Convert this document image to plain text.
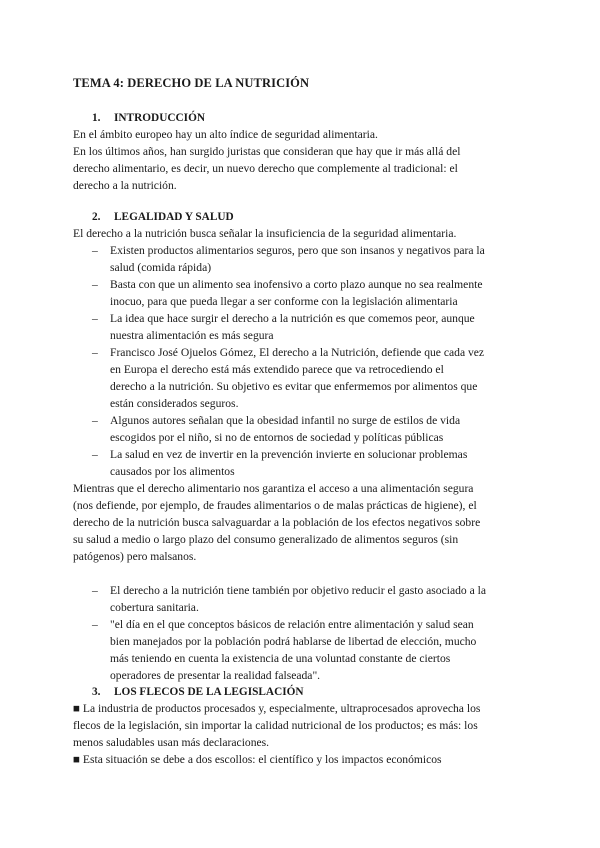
TEMA 4: DERECHO DE LA NUTRICIÓN
1. INTRODUCCIÓN
En el ámbito europeo hay un alto índice de seguridad alimentaria.
En los últimos años, han surgido juristas que consideran que hay que ir más allá del
derecho alimentario, es decir, un nuevo derecho que complemente al tradicional: el
derecho a la nutrición.
2. LEGALIDAD Y SALUD
El derecho a la nutrición busca señalar la insuficiencia de la seguridad alimentaria.
– Existen productos alimentarios seguros, pero que son insanos y negativos para la
salud (comida rápida)
– Basta con que un alimento sea inofensivo a corto plazo aunque no sea realmente
inocuo, para que pueda llegar a ser conforme con la legislación alimentaria
– La idea que hace surgir el derecho a la nutrición es que comemos peor, aunque
nuestra alimentación es más segura
– Francisco José Ojuelos Gómez, El derecho a la Nutrición, defiende que cada vez
en Europa el derecho está más extendido parece que va retrocediendo el
derecho a la nutrición. Su objetivo es evitar que enfermemos por alimentos que
están considerados seguros.
– Algunos autores señalan que la obesidad infantil no surge de estilos de vida
escogidos por el niño, si no de entornos de sociedad y políticas públicas
– La salud en vez de invertir en la prevención invierte en solucionar problemas
causados por los alimentos
Mientras que el derecho alimentario nos garantiza el acceso a una alimentación segura
(nos defiende, por ejemplo, de fraudes alimentarios o de malas prácticas de higiene), el
derecho de la nutrición busca salvaguardar a la población de los efectos negativos sobre
su salud a medio o largo plazo del consumo generalizado de alimentos seguros (sin
patógenos) pero malsanos.
– El derecho a la nutrición tiene también por objetivo reducir el gasto asociado a la
cobertura sanitaria.
– "el día en el que conceptos básicos de relación entre alimentación y salud sean
bien manejados por la población podrá hablarse de libertad de elección, mucho
más teniendo en cuenta la existencia de una voluntad constante de ciertos
operadores de presentar la realidad falseada".
3. LOS FLECOS DE LA LEGISLACIÓN
■ La industria de productos procesados y, especialmente, ultraprocesados aprovecha los
flecos de la legislación, sin importar la calidad nutricional de los productos; es más: los
menos saludables usan más declaraciones.
■ Esta situación se debe a dos escollos: el científico y los impactos económicos
